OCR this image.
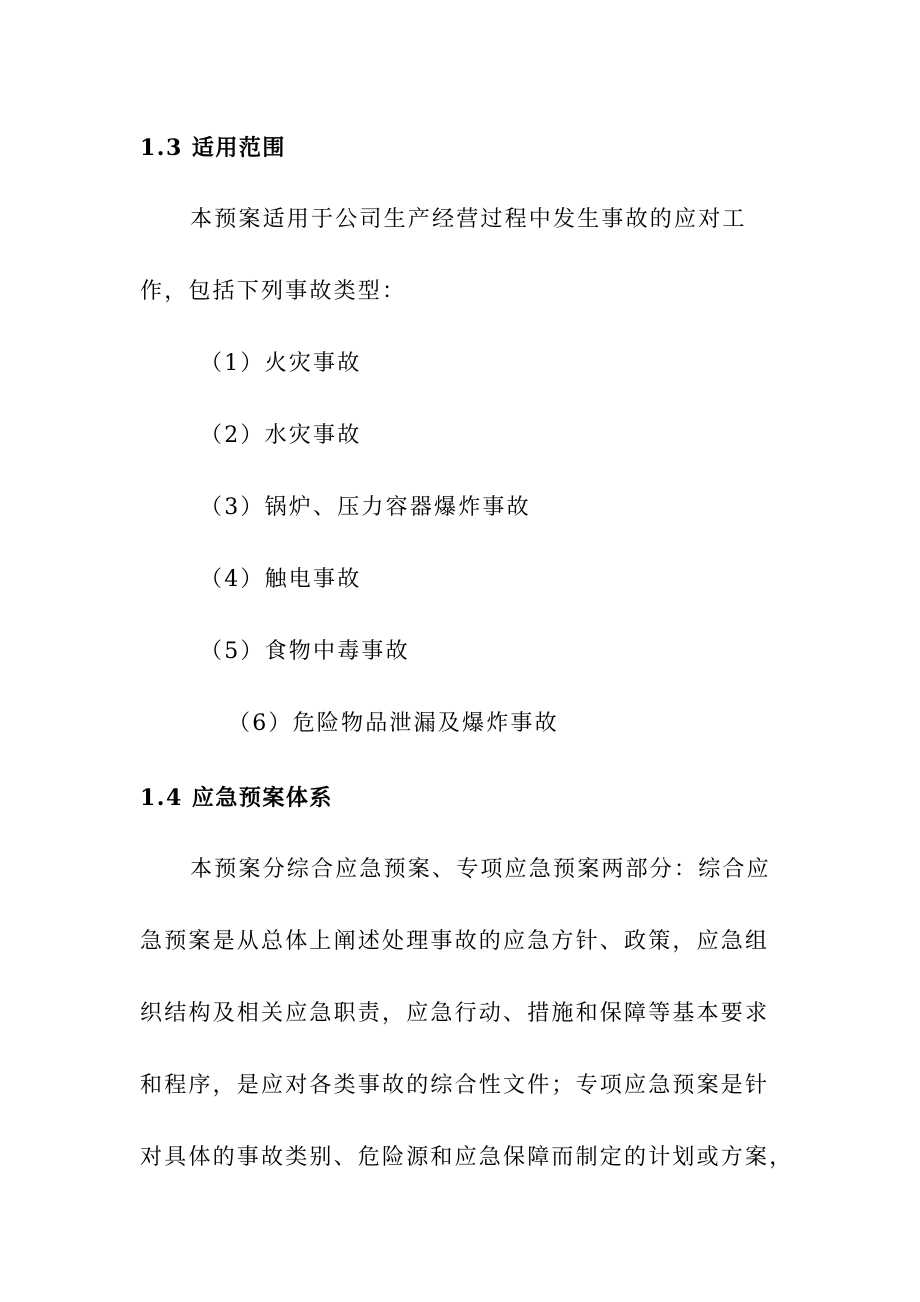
1.3 适用范围
本预案适用于公司生产经营过程中发生事故的应对工
作，包括下列事故类型：
（1）火灾事故
（2）水灾事故
（3）锅炉、压力容器爆炸事故
（4）触电事故
（5）食物中毒事故
（6）危险物品泄漏及爆炸事故
1.4 应急预案体系
本预案分综合应急预案、专项应急预案两部分：综合应
急预案是从总体上阐述处理事故的应急方针、政策，应急组
织结构及相关应急职责，应急行动、措施和保障等基本要求
和程序，是应对各类事故的综合性文件；专项应急预案是针
对具体的事故类别、危险源和应急保障而制定的计划或方案，
